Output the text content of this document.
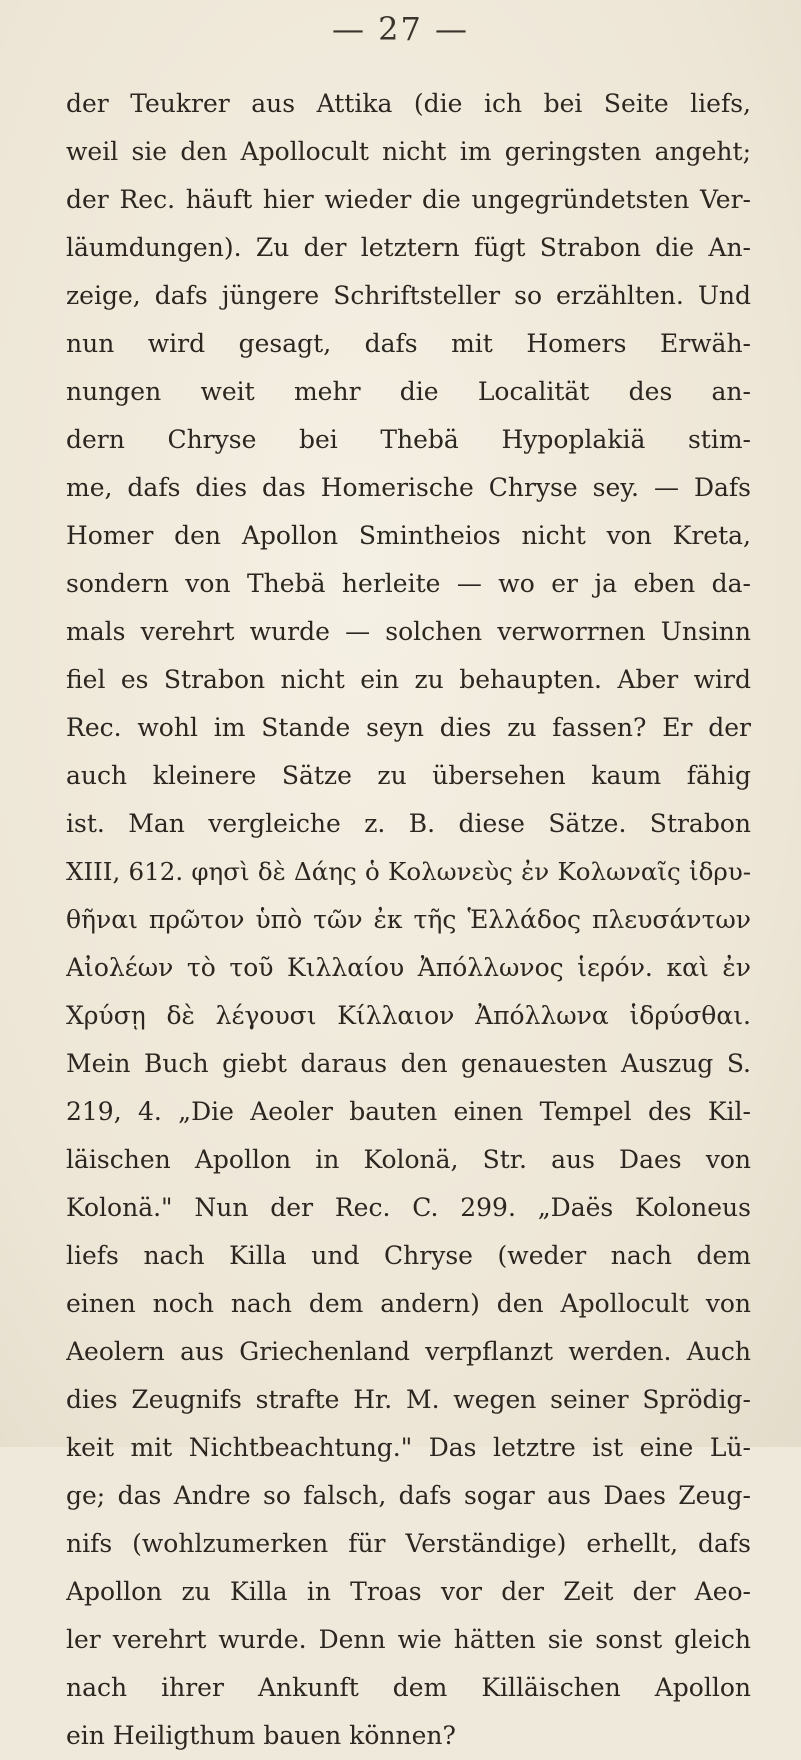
— 27 —
der Teukrer aus Attika (die ich bei Seite liefs,
weil sie den Apollocult nicht im geringsten angeht;
der Rec. häuft hier wieder die ungegründetsten Ver-
läumdungen). Zu der letztern fügt Strabon die An-
zeige, dafs jüngere Schriftsteller so erzählten. Und
nun wird gesagt, dafs mit Homers Erwäh-
nungen weit mehr die Localität des an-
dern Chryse bei Thebä Hypoplakiä stim-
me, dafs dies das Homerische Chryse sey. — Dafs
Homer den Apollon Smintheios nicht von Kreta,
sondern von Thebä herleite — wo er ja eben da-
mals verehrt wurde — solchen verworrnen Unsinn
fiel es Strabon nicht ein zu behaupten. Aber wird
Rec. wohl im Stande seyn dies zu fassen? Er der
auch kleinere Sätze zu übersehen kaum fähig
ist. Man vergleiche z. B. diese Sätze. Strabon
XIII, 612. φησὶ δὲ Δάης ὁ Κολωνεὺς ἐν Κολωναῖς ἱδρυ-
θῆναι πρῶτον ὑπὸ τῶν ἐκ τῆς Ἑλλάδος πλευσάντων
Αἰολέων τὸ τοῦ Κιλλαίου Ἀπόλλωνος ἱερόν. καὶ ἐν
Χρύσῃ δὲ λέγουσι Κίλλαιον Ἀπόλλωνα ἱδρύσθαι.
Mein Buch giebt daraus den genauesten Auszug S.
219, 4. „Die Aeoler bauten einen Tempel des Kil-
läischen Apollon in Kolonä, Str. aus Daes von
Kolonä." Nun der Rec. C. 299. „Daës Koloneus
liefs nach Killa und Chryse (weder nach dem
einen noch nach dem andern) den Apollocult von
Aeolern aus Griechenland verpflanzt werden. Auch
dies Zeugnifs strafte Hr. M. wegen seiner Sprödig-
keit mit Nichtbeachtung." Das letztre ist eine Lü-
ge; das Andre so falsch, dafs sogar aus Daes Zeug-
nifs (wohlzumerken für Verständige) erhellt, dafs
Apollon zu Killa in Troas vor der Zeit der Aeo-
ler verehrt wurde. Denn wie hätten sie sonst gleich
nach ihrer Ankunft dem Killäischen Apollon
ein Heiligthum bauen können?
